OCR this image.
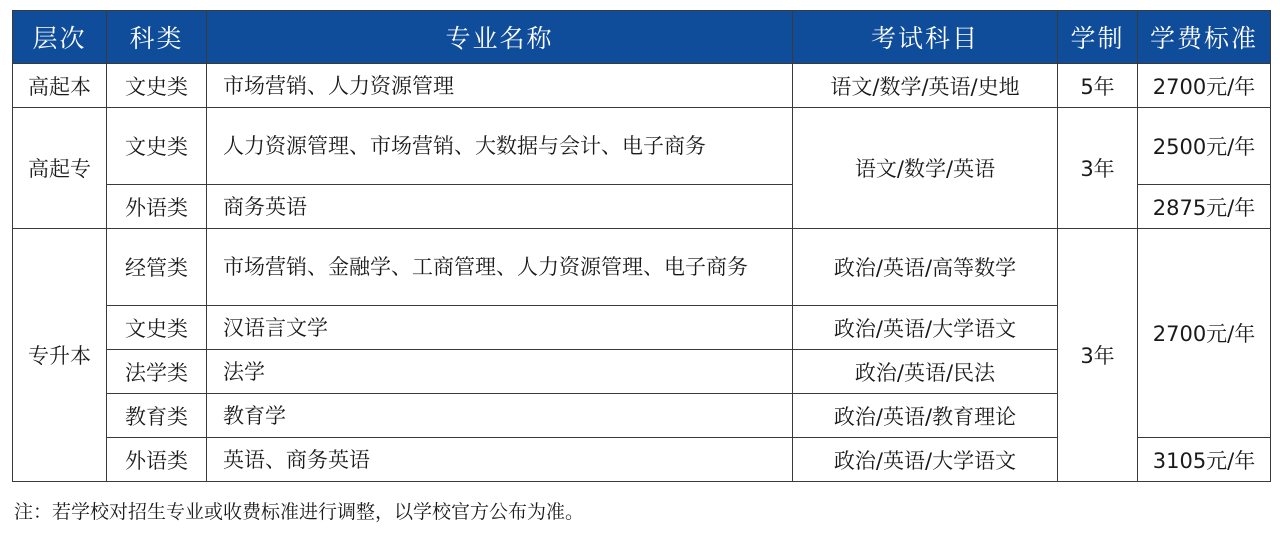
层次	科类	专业名称	考试科目	学制	学费标准
高起本	文史类	市场营销、人力资源管理	语文/数学/英语/史地	5年	2700元/年
高起专	文史类	人力资源管理、市场营销、大数据与会计、电子商务	语文/数学/英语	3年	2500元/年
	外语类	商务英语			2875元/年
专升本	经管类	市场营销、金融学、工商管理、人力资源管理、电子商务	政治/英语/高等数学	3年	2700元/年
	文史类	汉语言文学	政治/英语/大学语文		
	法学类	法学	政治/英语/民法		
	教育类	教育学	政治/英语/教育理论		
	外语类	英语、商务英语	政治/英语/大学语文		3105元/年
注：若学校对招生专业或收费标准进行调整，以学校官方公布为准。
